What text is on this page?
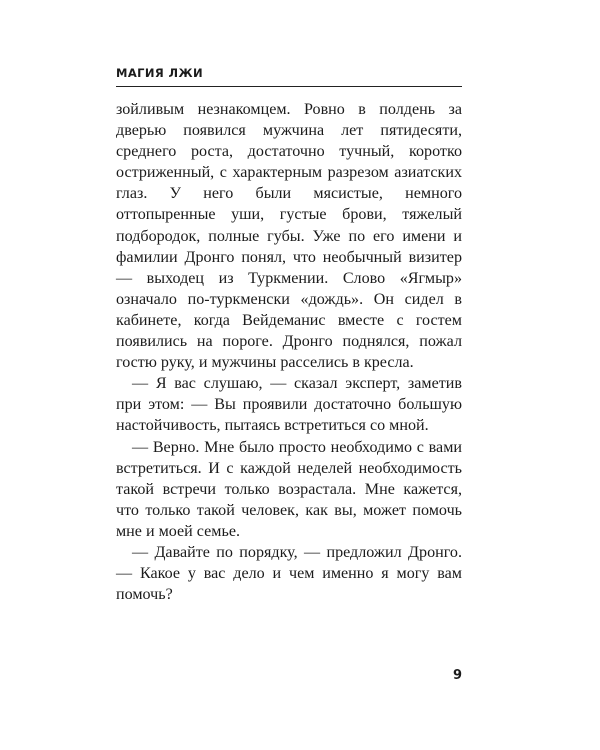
МАГИЯ ЛЖИ

зойливым незнакомцем. Ровно в полдень за дверью появился мужчина лет пятидесяти, среднего роста, достаточно тучный, коротко остриженный, с характерным разрезом азиатских глаз. У него были мясистые, немного оттопыренные уши, густые брови, тяжелый подбородок, полные губы. Уже по его имени и фамилии Дронго понял, что необычный визитер — выходец из Туркмении. Слово «Ягмыр» означало по-туркменски «дождь». Он сидел в кабинете, когда Вейдеманис вместе с гостем появились на пороге. Дронго поднялся, пожал гостю руку, и мужчины расселись в кресла.

— Я вас слушаю, — сказал эксперт, заметив при этом: — Вы проявили достаточно большую настойчивость, пытаясь встретиться со мной.

— Верно. Мне было просто необходимо с вами встретиться. И с каждой неделей необходимость такой встречи только возрастала. Мне кажется, что только такой человек, как вы, может помочь мне и моей семье.

— Давайте по порядку, — предложил Дронго. — Какое у вас дело и чем именно я могу вам помочь?

9
